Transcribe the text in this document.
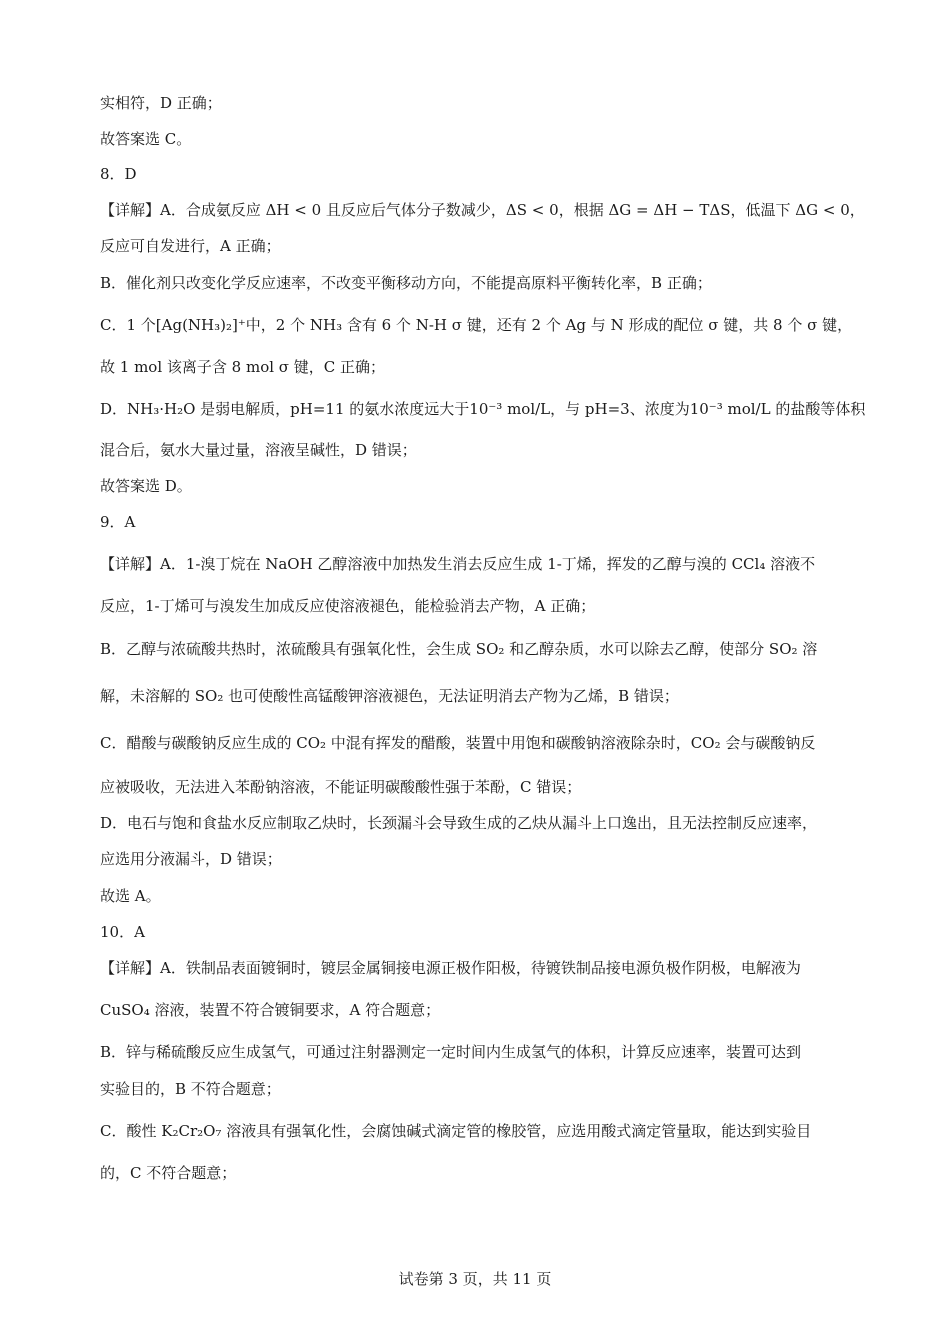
实相符，D 正确；
故答案选 C。
8．D
【详解】A．合成氨反应 ΔH < 0 且反应后气体分子数减少，ΔS < 0，根据 ΔG = ΔH − TΔS，低温下 ΔG < 0，
反应可自发进行，A 正确；
B．催化剂只改变化学反应速率，不改变平衡移动方向，不能提高原料平衡转化率，B 正确；
C．1 个[Ag(NH₃)₂]⁺中，2 个 NH₃ 含有 6 个 N-H σ 键，还有 2 个 Ag 与 N 形成的配位 σ 键，共 8 个 σ 键，
故 1 mol 该离子含 8 mol σ 键，C 正确；
D．NH₃·H₂O 是弱电解质，pH=11 的氨水浓度远大于10⁻³ mol/L，与 pH=3、浓度为10⁻³ mol/L 的盐酸等体积
混合后，氨水大量过量，溶液呈碱性，D 错误；
故答案选 D。
9．A
【详解】A．1-溴丁烷在 NaOH 乙醇溶液中加热发生消去反应生成 1-丁烯，挥发的乙醇与溴的 CCl₄ 溶液不
反应，1-丁烯可与溴发生加成反应使溶液褪色，能检验消去产物，A 正确；
B．乙醇与浓硫酸共热时，浓硫酸具有强氧化性，会生成 SO₂ 和乙醇杂质，水可以除去乙醇，使部分 SO₂ 溶
解，未溶解的 SO₂ 也可使酸性高锰酸钾溶液褪色，无法证明消去产物为乙烯，B 错误；
C．醋酸与碳酸钠反应生成的 CO₂ 中混有挥发的醋酸，装置中用饱和碳酸钠溶液除杂时，CO₂ 会与碳酸钠反
应被吸收，无法进入苯酚钠溶液，不能证明碳酸酸性强于苯酚，C 错误；
D．电石与饱和食盐水反应制取乙炔时，长颈漏斗会导致生成的乙炔从漏斗上口逸出，且无法控制反应速率，
应选用分液漏斗，D 错误；
故选 A。
10．A
【详解】A．铁制品表面镀铜时，镀层金属铜接电源正极作阳极，待镀铁制品接电源负极作阴极，电解液为
CuSO₄ 溶液，装置不符合镀铜要求，A 符合题意；
B．锌与稀硫酸反应生成氢气，可通过注射器测定一定时间内生成氢气的体积，计算反应速率，装置可达到
实验目的，B 不符合题意；
C．酸性 K₂Cr₂O₇ 溶液具有强氧化性，会腐蚀碱式滴定管的橡胶管，应选用酸式滴定管量取，能达到实验目
的，C 不符合题意；
试卷第 3 页，共 11 页
